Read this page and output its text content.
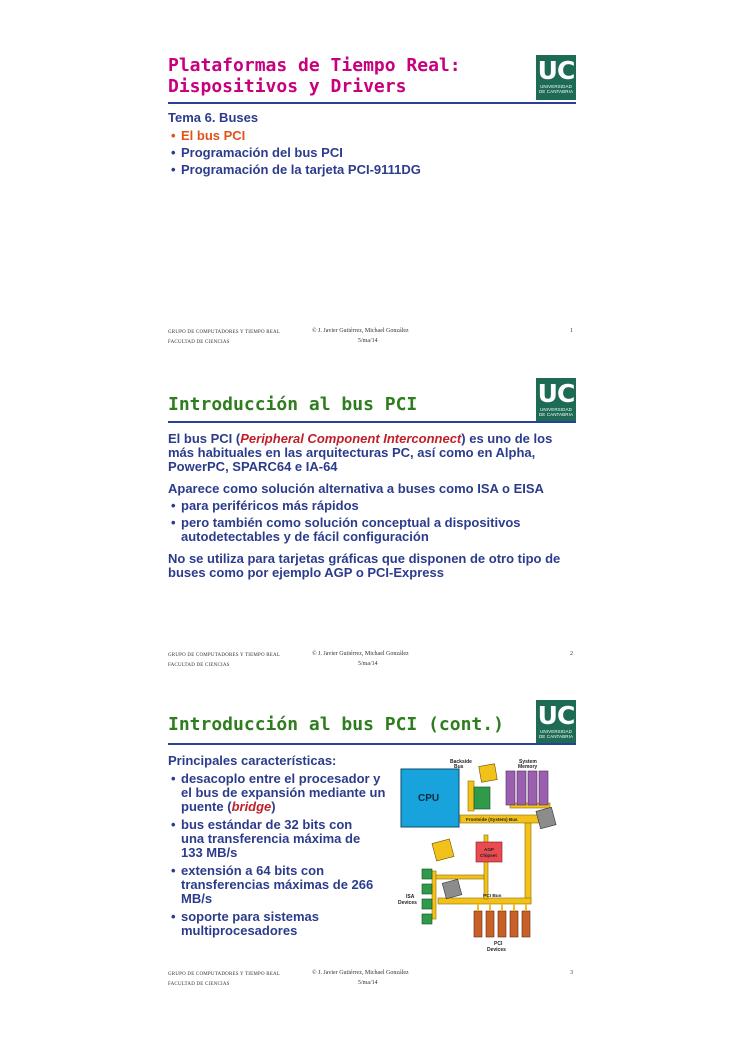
Plataformas de Tiempo Real:
Dispositivos y Drivers
UC
UNIVERSIDAD
DE CANTABRIA

Tema 6. Buses

• El bus PCI
• Programación del bus PCI
• Programación de la tarjeta PCI-9111DG
GRUPO DE COMPUTADORES Y TIEMPO REAL
FACULTAD DE CIENCIAS
© J. Javier Gutiérrez, Michael González
5/ma/14
1
Introducción al bus PCI	UC
UNIVERSIDAD
DE CANTABRIA

El bus PCI (Peripheral Component Interconnect) es uno de los más habituales en las arquitecturas PC, así como en Alpha, PowerPC, SPARC64 e IA-64

Aparece como solución alternativa a buses como ISA o EISA

• para periféricos más rápidos
• pero también como solución conceptual a dispositivos autodetectables y de fácil configuración

No se utiliza para tarjetas gráficas que disponen de otro tipo de buses como por ejemplo AGP o PCI-Express

GRUPO DE COMPUTADORES Y TIEMPO REAL
FACULTAD DE CIENCIAS
© J. Javier Gutiérrez, Michael González
5/ma/14
2
Introducción al bus PCI (cont.) UC
UNIVERSIDAD
DE CANTABRIA

Principales características:

• desacoplo entre el procesador y el bus de expansión mediante un puente (bridge)
• bus estándar de 32 bits con una transferencia máxima de 133 MB/s
• extensión a 64 bits con transferencias máximas de 266 MB/s
• soporte para sistemas multiprocesadores
CPU
Backside
Bus
System
Memory
Frontside (System) Bus
AGP
Chipset
ISA
Devices
PCI Bus
PCI
Devices
GRUPO DE COMPUTADORES Y TIEMPO REAL
FACULTAD DE CIENCIAS
© J. Javier Gutiérrez, Michael González
5/ma/14
3
